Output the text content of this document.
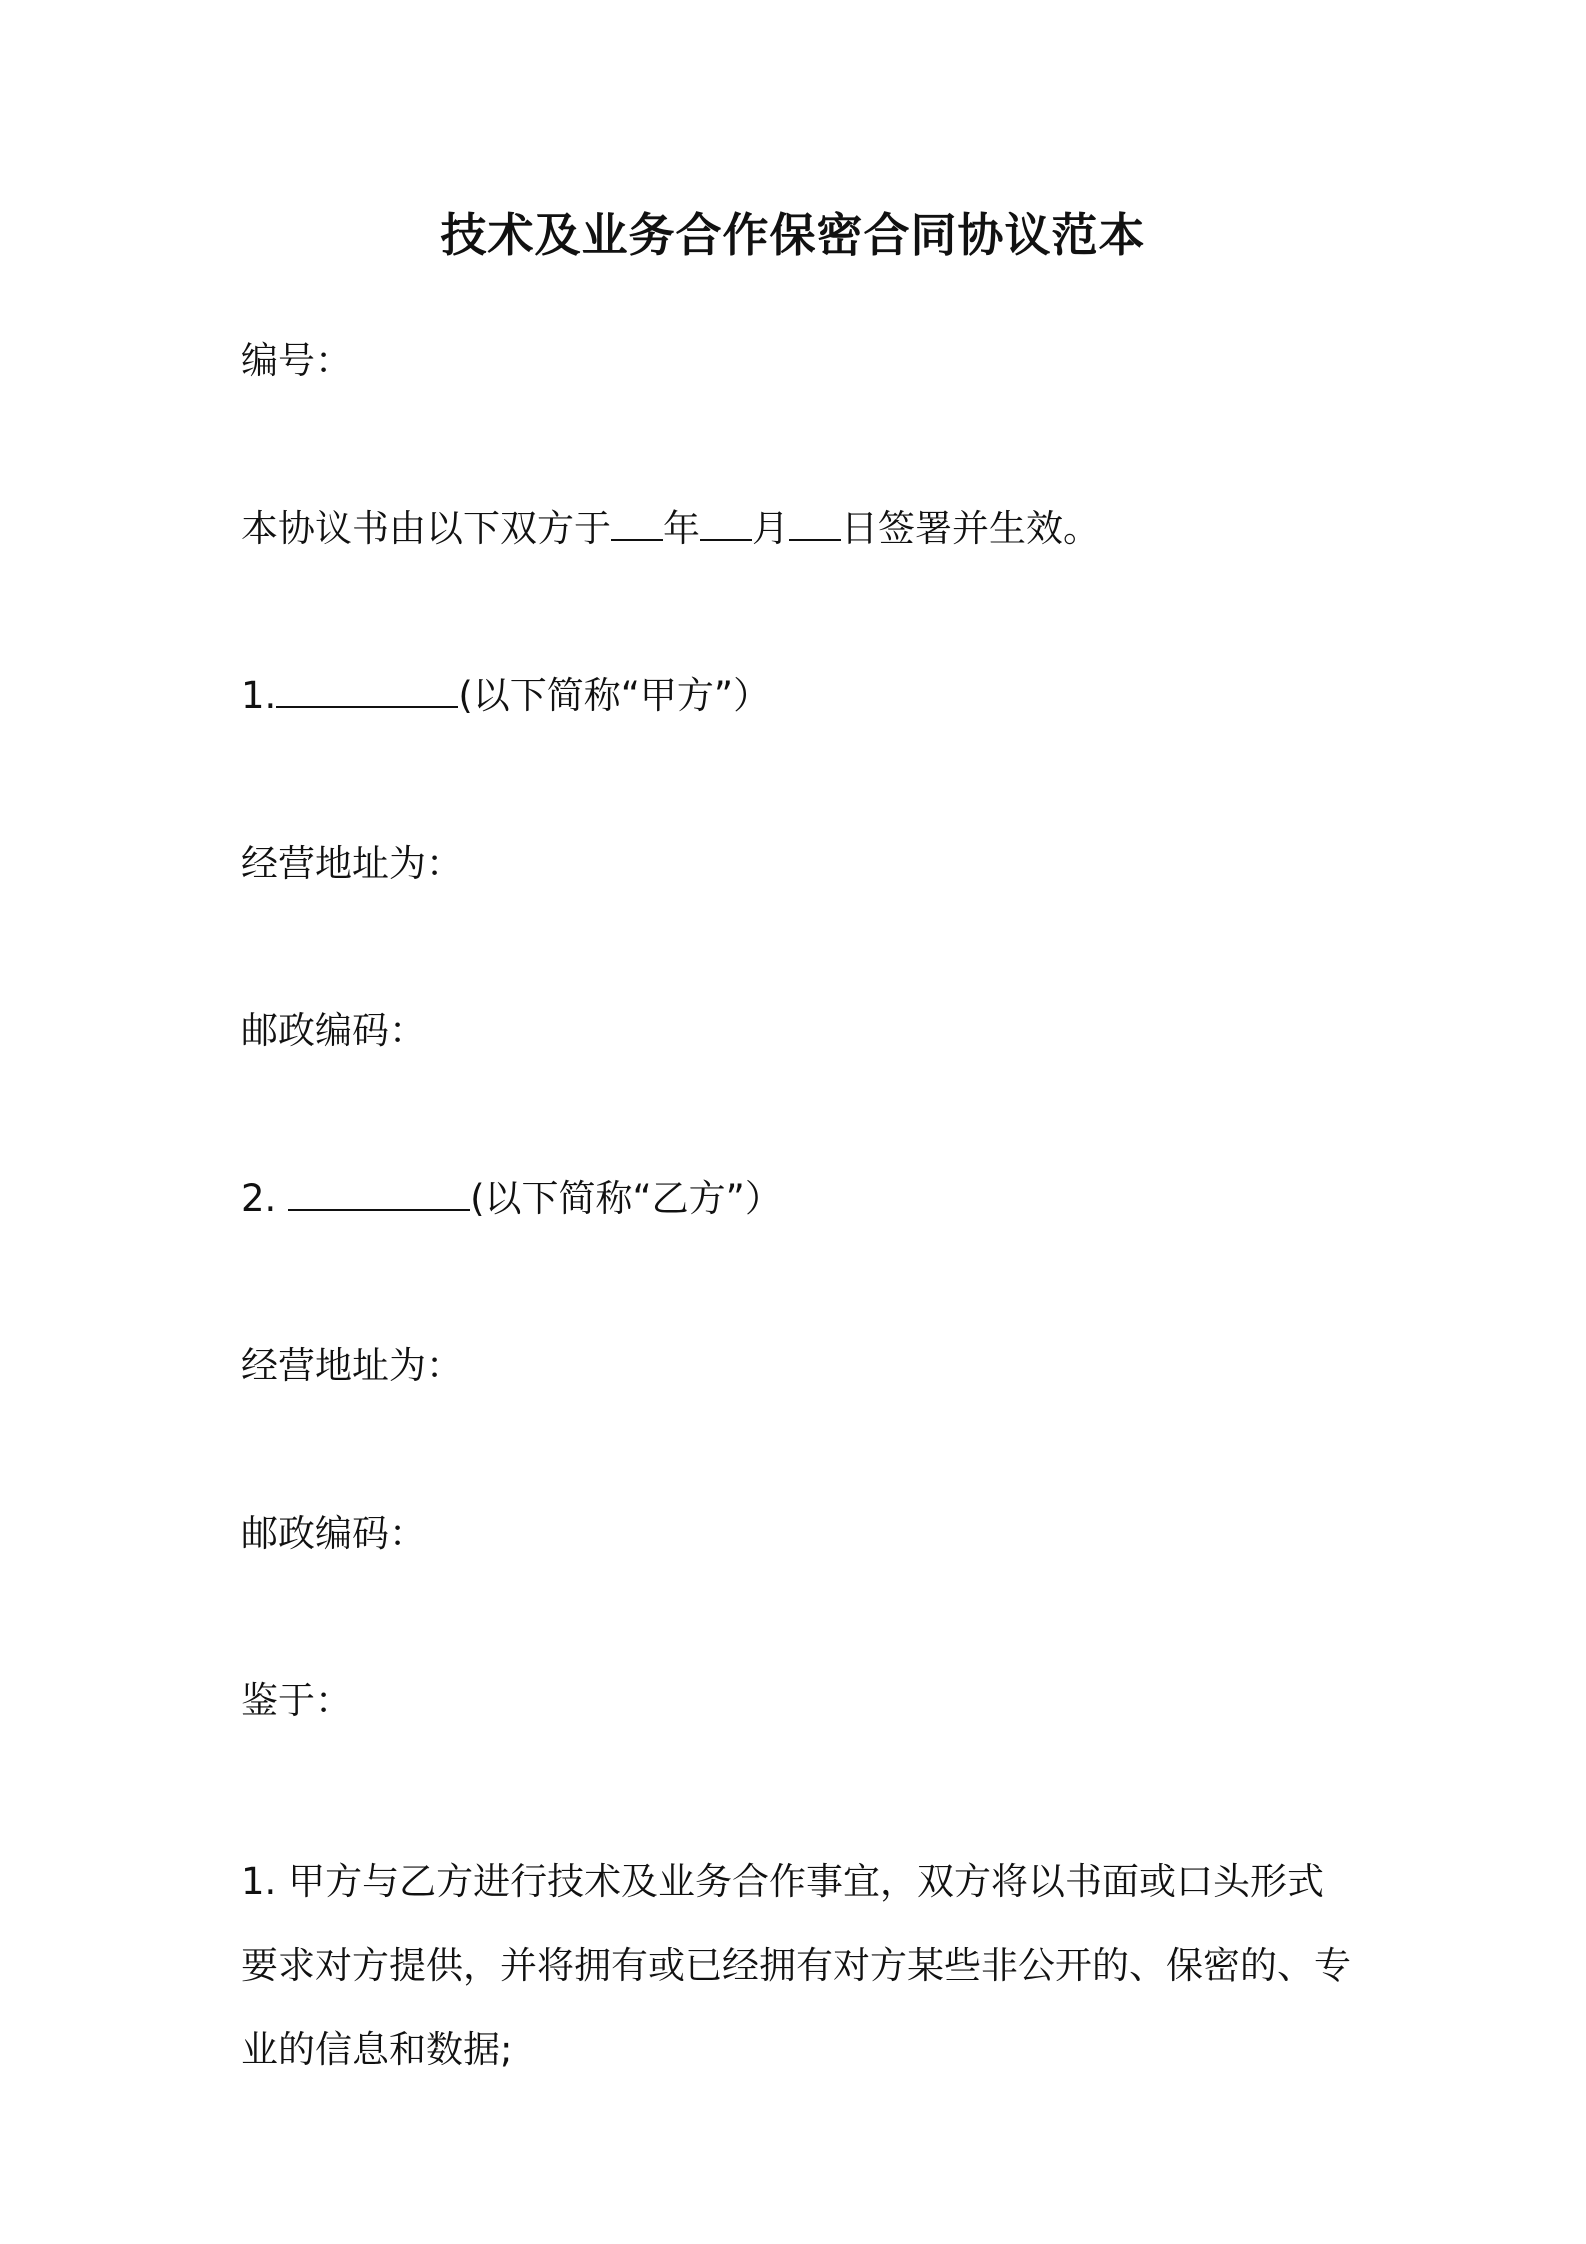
技术及业务合作保密合同协议范本
编号：
本协议书由以下双方于 年 月 日签署并生效。
1.	(以下简称“甲方”）
经营地址为：
邮政编码：
2.	(以下简称“乙方”）
经营地址为：
邮政编码：
鉴于：
1. 甲方与乙方进行技术及业务合作事宜，双方将以书面或口头形式要求对方提供，并将拥有或已经拥有对方某些非公开的、保密的、专业的信息和数据;
